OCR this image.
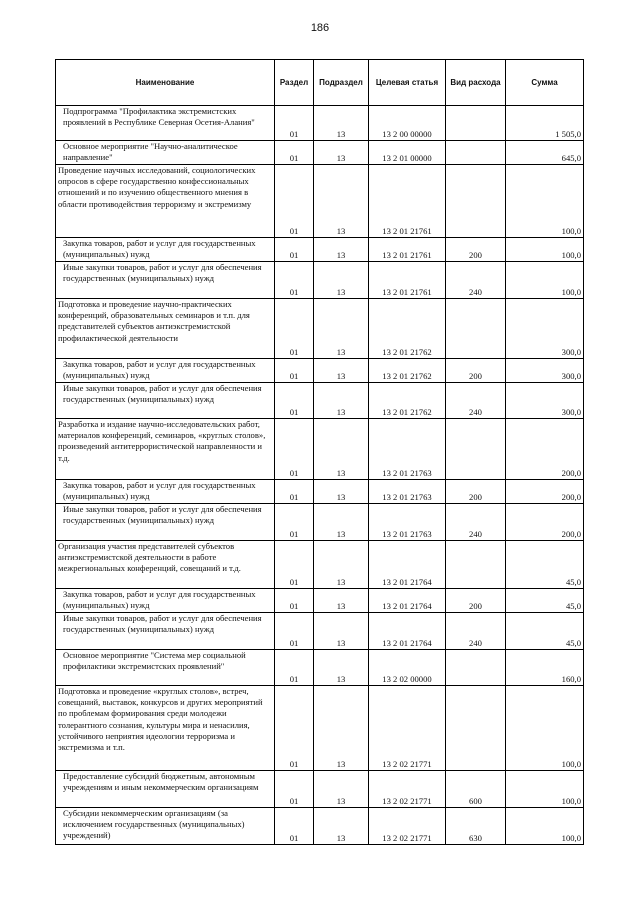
186
Наименование	Раздел	Подраздел	Целевая статья	Вид расхода	Сумма
Подпрограмма "Профилактика экстремистских проявлений в Республике Северная Осетия-Алания"	01	13	13 2 00 00000		1 505,0
Основное мероприятие "Научно-аналитическое направление"	01	13	13 2 01 00000		645,0
Проведение научных исследований, социологических опросов в сфере государственно конфессиональных отношений и по изучению общественного мнения в области противодействия терроризму и экстремизму	01	13	13 2 01 21761		100,0
Закупка товаров, работ и услуг для государственных (муниципальных) нужд	01	13	13 2 01 21761	200	100,0
Иные закупки товаров, работ и услуг для обеспечения государственных (муниципальных) нужд	01	13	13 2 01 21761	240	100,0
Подготовка и проведение научно-практических конференций, образовательных семинаров и т.п. для представителей субъектов антиэкстремистской профилактической деятельности	01	13	13 2 01 21762		300,0
Закупка товаров, работ и услуг для государственных (муниципальных) нужд	01	13	13 2 01 21762	200	300,0
Иные закупки товаров, работ и услуг для обеспечения государственных (муниципальных) нужд	01	13	13 2 01 21762	240	300,0
Разработка и издание научно-исследовательских работ, материалов конференций, семинаров, «круглых столов», произведений антитеррористической направленности и т.д.	01	13	13 2 01 21763		200,0
Закупка товаров, работ и услуг для государственных (муниципальных) нужд	01	13	13 2 01 21763	200	200,0
Иные закупки товаров, работ и услуг для обеспечения государственных (муниципальных) нужд	01	13	13 2 01 21763	240	200,0
Организация участия представителей субъектов антиэкстремистской деятельности в работе межрегиональных конференций, совещаний и т.д.	01	13	13 2 01 21764		45,0
Закупка товаров, работ и услуг для государственных (муниципальных) нужд	01	13	13 2 01 21764	200	45,0
Иные закупки товаров, работ и услуг для обеспечения государственных (муниципальных) нужд	01	13	13 2 01 21764	240	45,0
Основное мероприятие "Система мер социальной профилактики экстремистских проявлений"	01	13	13 2 02 00000		160,0
Подготовка и проведение «круглых столов», встреч, совещаний, выставок, конкурсов и других мероприятий по проблемам формирования среди молодежи толерантного сознания, культуры мира и ненасилия, устойчивого неприятия идеологии терроризма и экстремизма и т.п.	01	13	13 2 02 21771		100,0
Предоставление субсидий бюджетным, автономным учреждениям и иным некоммерческим организациям	01	13	13 2 02 21771	600	100,0
Субсидии некоммерческим организациям (за исключением государственных (муниципальных) учреждений)	01	13	13 2 02 21771	630	100,0
